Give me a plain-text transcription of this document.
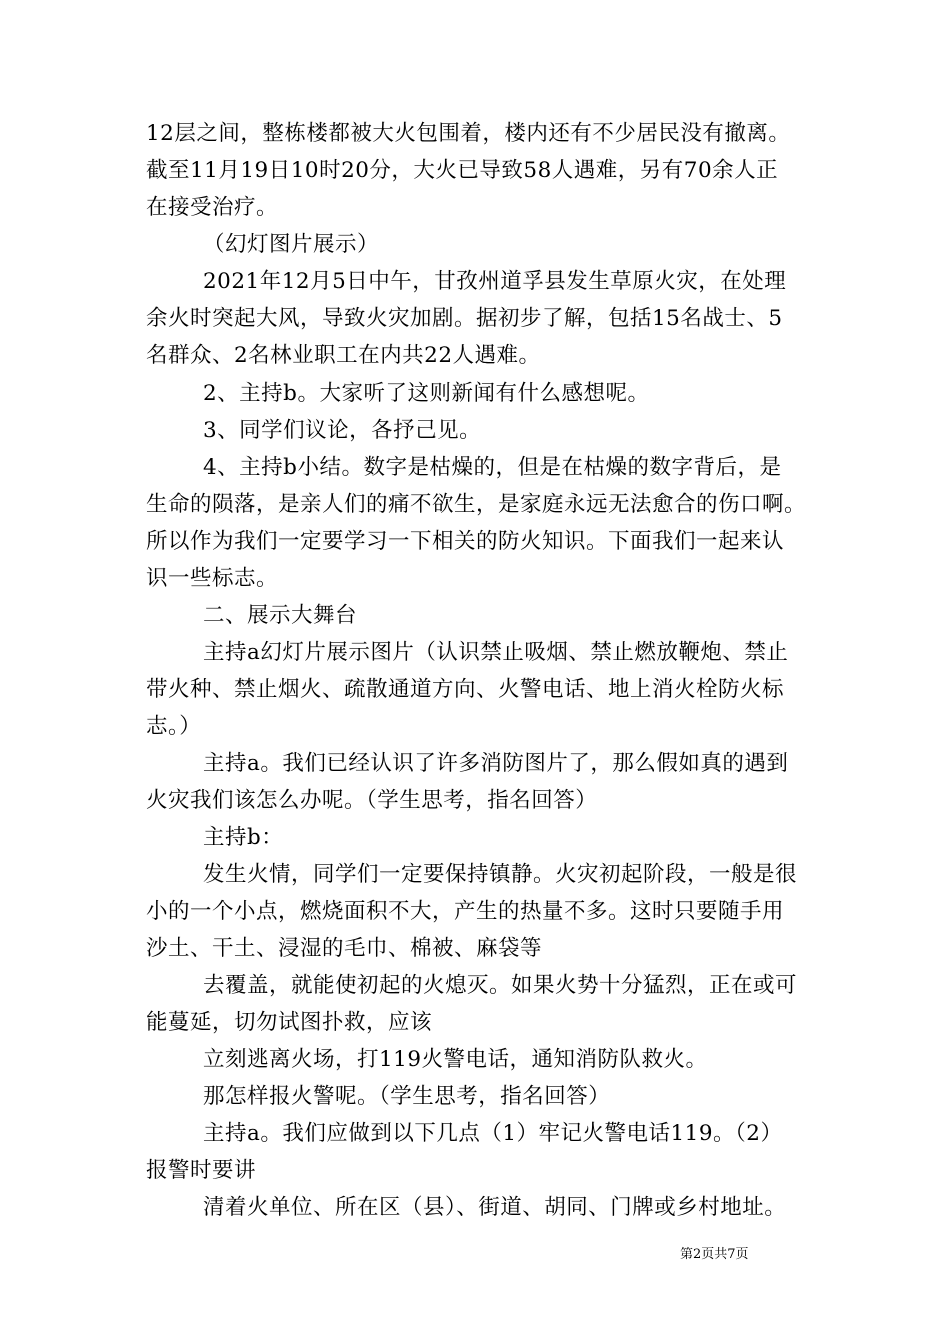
12层之间，整栋楼都被大火包围着，楼内还有不少居民没有撤离。
截至11月19日10时20分，大火已导致58人遇难，另有70余人正
在接受治疗。
（幻灯图片展示）
2021年12月5日中午，甘孜州道孚县发生草原火灾，在处理
余火时突起大风，导致火灾加剧。据初步了解，包括15名战士、5
名群众、2名林业职工在内共22人遇难。
2、主持b。大家听了这则新闻有什么感想呢。
3、同学们议论，各抒己见。
4、主持b小结。数字是枯燥的，但是在枯燥的数字背后，是
生命的陨落，是亲人们的痛不欲生，是家庭永远无法愈合的伤口啊。
所以作为我们一定要学习一下相关的防火知识。下面我们一起来认
识一些标志。
二、展示大舞台
主持a幻灯片展示图片（认识禁止吸烟、禁止燃放鞭炮、禁止
带火种、禁止烟火、疏散通道方向、火警电话、地上消火栓防火标
志。）
主持a。我们已经认识了许多消防图片了，那么假如真的遇到
火灾我们该怎么办呢。（学生思考，指名回答）
主持b：
发生火情，同学们一定要保持镇静。火灾初起阶段，一般是很
小的一个小点，燃烧面积不大，产生的热量不多。这时只要随手用
沙土、干土、浸湿的毛巾、棉被、麻袋等
去覆盖，就能使初起的火熄灭。如果火势十分猛烈，正在或可
能蔓延，切勿试图扑救，应该
立刻逃离火场，打119火警电话，通知消防队救火。
那怎样报火警呢。（学生思考，指名回答）
主持a。我们应做到以下几点（1）牢记火警电话119。（2）
报警时要讲
清着火单位、所在区（县）、街道、胡同、门牌或乡村地址。
第2页共7页
